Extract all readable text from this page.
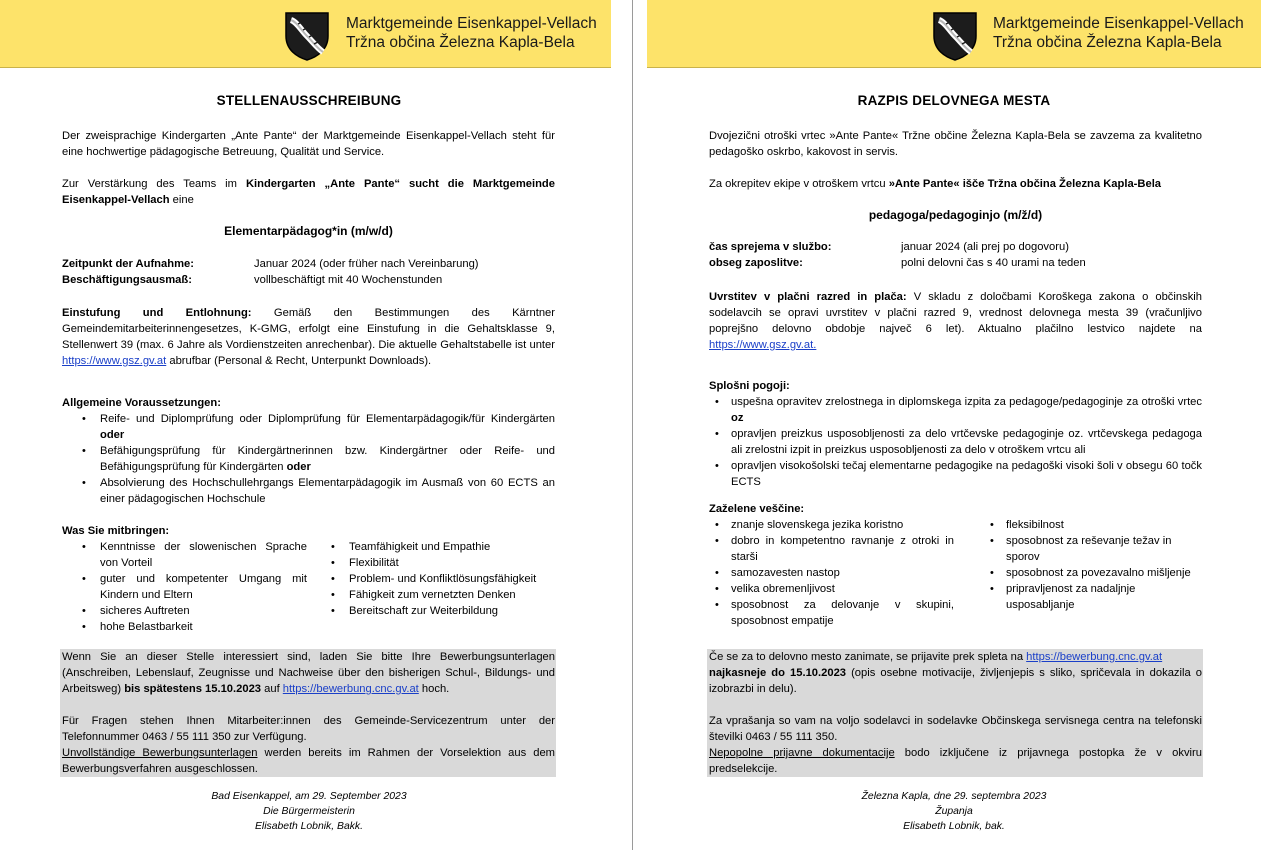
Marktgemeinde Eisenkappel-Vellach
Tržna občina Železna Kapla-Bela
STELLENAUSSCHREIBUNG
Der zweisprachige Kindergarten „Ante Pante“ der Marktgemeinde Eisenkappel-Vellach steht für eine hochwertige pädagogische Betreuung, Qualität und Service.
Zur Verstärkung des Teams im Kindergarten „Ante Pante“ sucht die Marktgemeinde Eisenkappel-Vellach eine
Elementarpädagog*in (m/w/d)
Zeitpunkt der Aufnahme:	Januar 2024 (oder früher nach Vereinbarung)
Beschäftigungsausmaß:	vollbeschäftigt mit 40 Wochenstunden
Einstufung und Entlohnung: Gemäß den Bestimmungen des Kärntner Gemeindemitarbeiterinnengesetzes, K-GMG, erfolgt eine Einstufung in die Gehaltsklasse 9, Stellenwert 39 (max. 6 Jahre als Vordienstzeiten anrechenbar). Die aktuelle Gehaltstabelle ist unter https://www.gsz.gv.at abrufbar (Personal & Recht, Unterpunkt Downloads).
Allgemeine Voraussetzungen:
• Reife- und Diplomprüfung oder Diplomprüfung für Elementarpädagogik/für Kindergärten oder
• Befähigungsprüfung für Kindergärtnerinnen bzw. Kindergärtner oder Reife- und Befähigungsprüfung für Kindergärten oder
• Absolvierung des Hochschullehrgangs Elementarpädagogik im Ausmaß von 60 ECTS an einer pädagogischen Hochschule
Was Sie mitbringen:
• Kenntnisse der slowenischen Sprache von Vorteil
• guter und kompetenter Umgang mit Kindern und Eltern
• sicheres Auftreten
• hohe Belastbarkeit
• Teamfähigkeit und Empathie
• Flexibilität
• Problem- und Konfliktlösungsfähigkeit
• Fähigkeit zum vernetzten Denken
• Bereitschaft zur Weiterbildung
Wenn Sie an dieser Stelle interessiert sind, laden Sie bitte Ihre Bewerbungsunterlagen (Anschreiben, Lebenslauf, Zeugnisse und Nachweise über den bisherigen Schul-, Bildungs- und Arbeitsweg) bis spätestens 15.10.2023 auf https://bewerbung.cnc.gv.at hoch.
Für Fragen stehen Ihnen Mitarbeiter:innen des Gemeinde-Servicezentrum unter der Telefonnummer 0463 / 55 111 350 zur Verfügung.
Unvollständige Bewerbungsunterlagen werden bereits im Rahmen der Vorselektion aus dem Bewerbungsverfahren ausgeschlossen.
Bad Eisenkappel, am 29. September 2023
Die Bürgermeisterin
Elisabeth Lobnik, Bakk.
Marktgemeinde Eisenkappel-Vellach
Tržna občina Železna Kapla-Bela
RAZPIS DELOVNEGA MESTA
Dvojezični otroški vrtec »Ante Pante« Tržne občine Železna Kapla-Bela se zavzema za kvalitetno pedagoško oskrbo, kakovost in servis.
Za okrepitev ekipe v otroškem vrtcu »Ante Pante« išče Tržna občina Železna Kapla-Bela
pedagoga/pedagoginjo (m/ž/d)
čas sprejema v službo:	januar 2024 (ali prej po dogovoru)
obseg zaposlitve:	polni delovni čas s 40 urami na teden
Uvrstitev v plačni razred in plača: V skladu z določbami Koroškega zakona o občinskih sodelavcih se opravi uvrstitev v plačni razred 9, vrednost delovnega mesta 39 (vračunljivo poprejšno delovno obdobje največ 6 let). Aktualno plačilno lestvico najdete na https://www.gsz.gv.at.
Splošni pogoji:
• uspešna opravitev zrelostnega in diplomskega izpita za pedagoge/pedagoginje za otroški vrtec oz
• opravljen preizkus usposobljenosti za delo vrtčevske pedagoginje oz. vrtčevskega pedagoga ali zrelostni izpit in preizkus usposobljenosti za delo v otroškem vrtcu ali
• opravljen visokošolski tečaj elementarne pedagogike na pedagoški visoki šoli v obsegu 60 točk ECTS
Zaželene veščine:
• znanje slovenskega jezika koristno
• dobro in kompetentno ravnanje z otroki in starši
• samozavesten nastop
• velika obremenljivost
• sposobnost za delovanje v skupini, sposobnost empatije
• fleksibilnost
• sposobnost za reševanje težav in sporov
• sposobnost za povezavalno mišljenje
• pripravljenost za nadaljnje usposabljanje
Če se za to delovno mesto zanimate, se prijavite prek spleta na https://bewerbung.cnc.gv.at
najkasneje do 15.10.2023 (opis osebne motivacije, življenjepis s sliko, spričevala in dokazila o izobrazbi in delu).
Za vprašanja so vam na voljo sodelavci in sodelavke Občinskega servisnega centra na telefonski številki 0463 / 55 111 350.
Nepopolne prijavne dokumentacije bodo izključene iz prijavnega postopka že v okviru predselekcije.
Železna Kapla, dne 29. septembra 2023
Županja
Elisabeth Lobnik, bak.
